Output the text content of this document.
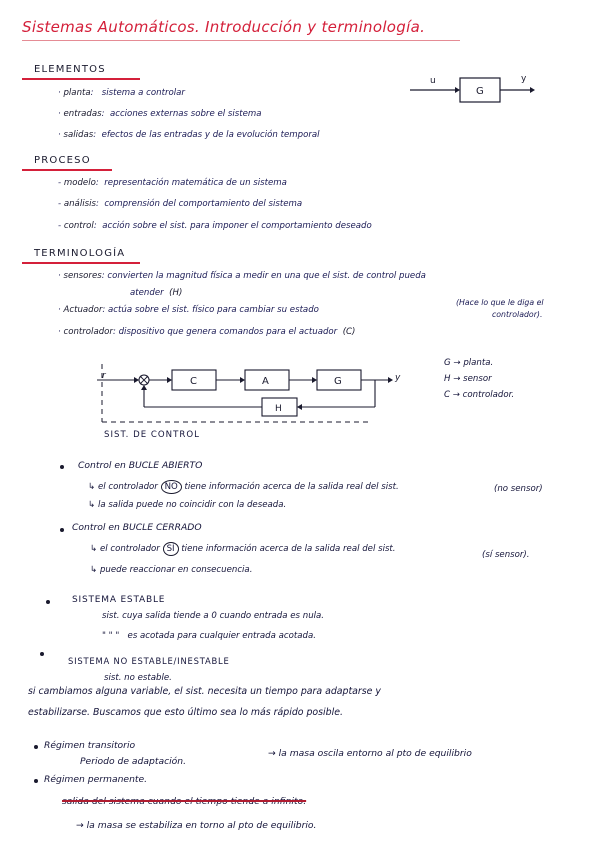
Sistemas Automáticos. Introducción y terminología.
ELEMENTOS
· planta: sistema a controlar
· entradas: acciones externas sobre el sistema
· salidas: efectos de las entradas y de la evolución temporal
u
G
y
PROCESO
- modelo: representación matemática de un sistema
- análisis: comprensión del comportamiento del sistema
- control: acción sobre el sist. para imponer el comportamiento deseado
TERMINOLOGÍA
· sensores: convierten la magnitud física a medir en una que el sist. de control pueda
atender (H)
· Actuador: actúa sobre el sist. físico para cambiar su estado
(Hace lo que le diga el
controlador).
· controlador: dispositivo que genera comandos para el actuador (C)
r	C	A	G
H
y
SIST. DE CONTROL
G → planta.
H → sensor
C → controlador.
Control en BUCLE ABIERTO
↳ el controlador NO tiene información acerca de la salida real del sist.	(no sensor)
↳ la salida puede no coincidir con la deseada.
Control en BUCLE CERRADO
↳ el controlador SÍ tiene información acerca de la salida real del sist.
(sí sensor).
↳ puede reaccionar en consecuencia.
SISTEMA ESTABLE
sist. cuya salida tiende a 0 cuando entrada es nula.
" " " es acotada para cualquier entrada acotada.
SISTEMA NO ESTABLE/INESTABLE
sist. no estable.
si cambiamos alguna variable, el sist. necesita un tiempo para adaptarse y
estabilizarse. Buscamos que esto último sea lo más rápido posible.
Régimen transitorio
Periodo de adaptación.
→ la masa oscila entorno al pto de equilibrio
Régimen permanente.
salida del sistema cuando el tiempo tiende a infinito.
→ la masa se estabiliza en torno al pto de equilibrio.
